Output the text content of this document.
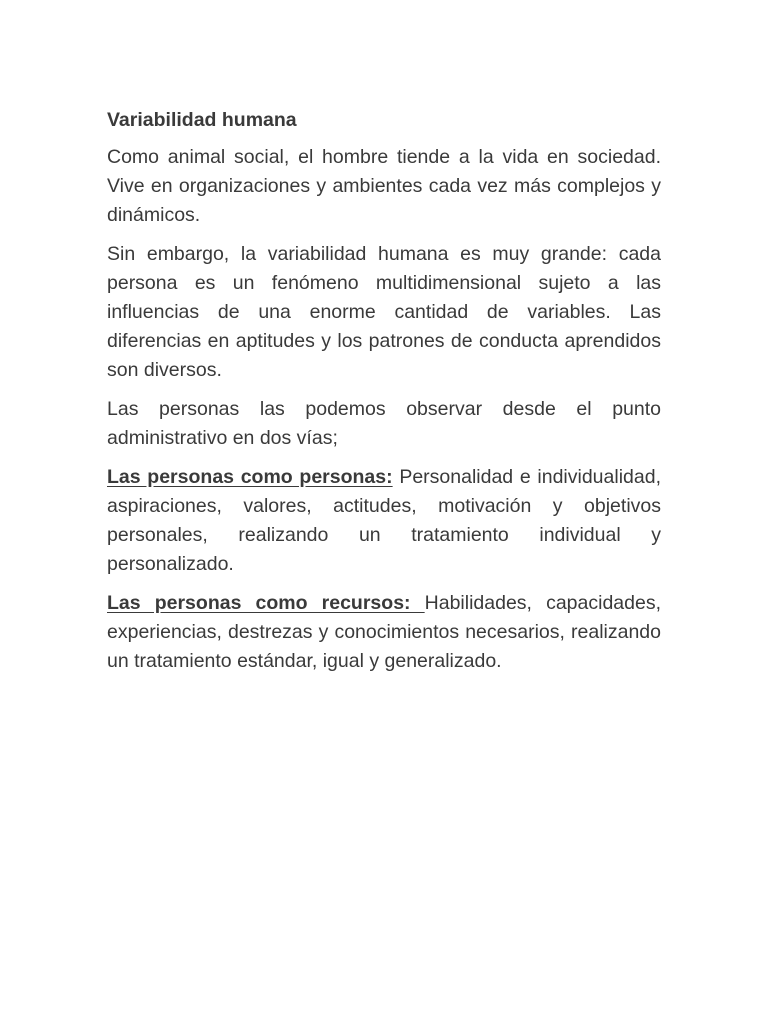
Variabilidad humana

Como animal social, el hombre tiende a la vida en sociedad. Vive en organizaciones y ambientes cada vez más complejos y dinámicos.

Sin embargo, la variabilidad humana es muy grande: cada persona es un fenómeno multidimensional sujeto a las influencias de una enorme cantidad de variables. Las diferencias en aptitudes y los patrones de conducta aprendidos son diversos.

Las personas las podemos observar desde el punto administrativo en dos vías;

Las personas como personas: Personalidad e individualidad, aspiraciones, valores, actitudes, motivación y objetivos personales, realizando un tratamiento individual y personalizado.

Las personas como recursos: Habilidades, capacidades, experiencias, destrezas y conocimientos necesarios, realizando un tratamiento estándar, igual y generalizado.
